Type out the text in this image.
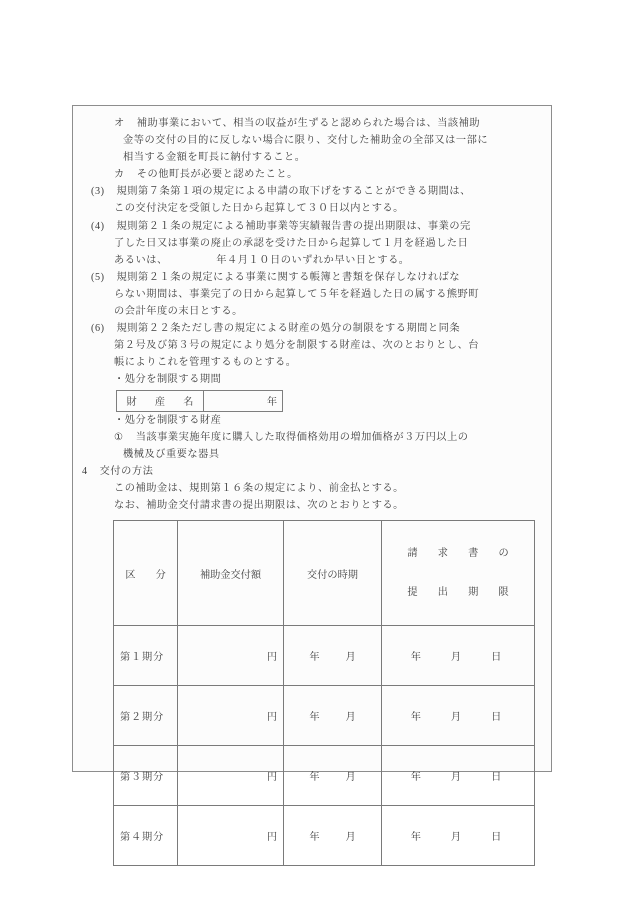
オ 補助事業において、相当の収益が生ずると認められた場合は、当該補助
金等の交付の目的に反しない場合に限り、交付した補助金の全部又は一部に
相当する金額を町長に納付すること。
カ その他町長が必要と認めたこと。
(3) 規則第７条第１項の規定による申請の取下げをすることができる期間は、
この交付決定を受領した日から起算して３０日以内とする。
(4) 規則第２１条の規定による補助事業等実績報告書の提出期限は、事業の完
了した日又は事業の廃止の承認を受けた日から起算して１月を経過した日
あるいは、　　　　　年４月１０日のいずれか早い日とする。
(5) 規則第２１条の規定による事業に関する帳簿と書類を保存しなければな
らない期間は、事業完了の日から起算して５年を経過した日の属する熊野町
の会計年度の末日とする。
(6) 規則第２２条ただし書の規定による財産の処分の制限をする期間と同条
第２号及び第３号の規定により処分を制限する財産は、次のとおりとし、台
帳によりこれを管理するものとする。
・処分を制限する期間
財　産　名	年
・処分を制限する財産
① 当該事業実施年度に購入した取得価格効用の増加価格が３万円以上の
機械及び重要な器具
4 交付の方法
この補助金は、規則第１６条の規定により、前金払とする。
なお、補助金交付請求書の提出期限は、次のとおりとする。
区　分	補助金交付額	交付の時期	請　求　書　の

提　出　期　限

第１期分	円	年 月	年 月 日

第２期分	円	年 月	年 月 日

第３期分	円	年 月	年 月 日

第４期分	円	年 月	年 月 日
